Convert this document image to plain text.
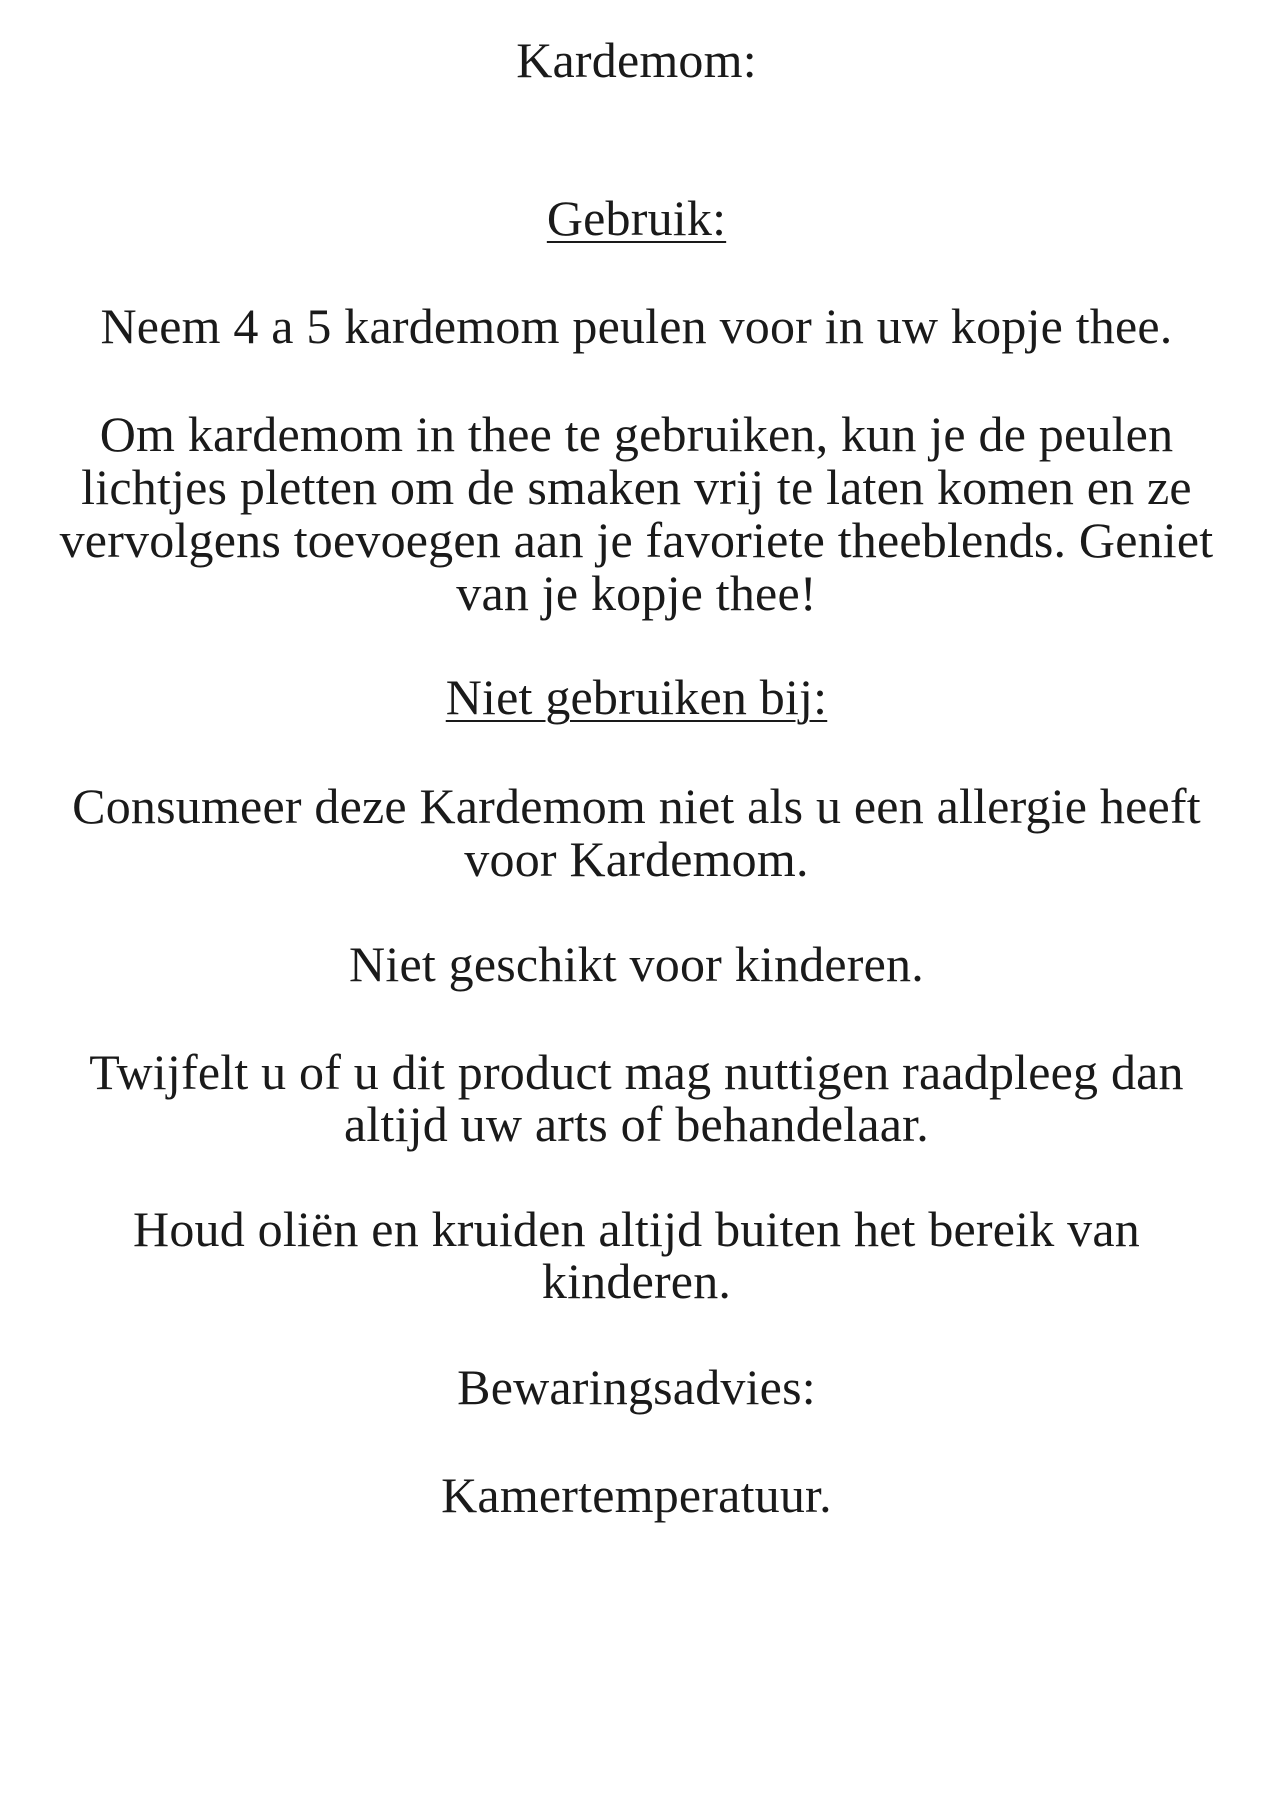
Kardemom:
Gebruik:
Neem 4 a 5 kardemom peulen voor in uw kopje thee.
Om kardemom in thee te gebruiken, kun je de peulen
lichtjes pletten om de smaken vrij te laten komen en ze
vervolgens toevoegen aan je favoriete theeblends. Geniet
van je kopje thee!
Niet gebruiken bij:
Consumeer deze Kardemom niet als u een allergie heeft
voor Kardemom.
Niet geschikt voor kinderen.
Twijfelt u of u dit product mag nuttigen raadpleeg dan
altijd uw arts of behandelaar.
Houd oliën en kruiden altijd buiten het bereik van
kinderen.
Bewaringsadvies:
Kamertemperatuur.
